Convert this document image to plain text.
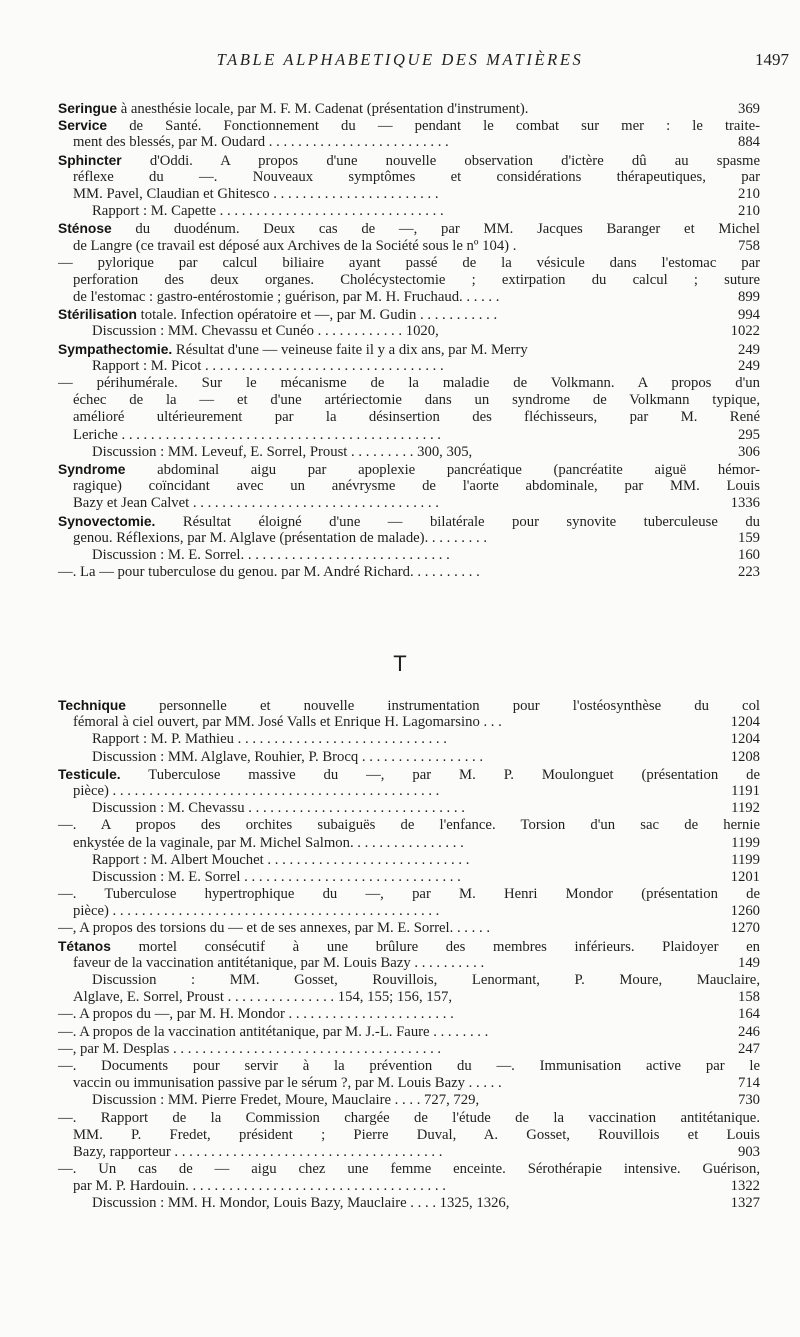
TABLE ALPHABETIQUE DES MATIÈRES	1497
Seringue à anesthésie locale, par M. F. M. Cadenat (présentation d'instrument).	369
Service de Santé. Fonctionnement du — pendant le combat sur mer : le traite-
ment des blessés, par M. Oudard . . . . . . . . . . . . . . . . . . . . . . . . .	884
Sphincter d'Oddi. A propos d'une nouvelle observation d'ictère dû au spasme
réflexe du —. Nouveaux symptômes et considérations thérapeutiques, par
MM. Pavel, Claudian et Ghitesco . . . . . . . . . . . . . . . . . . . . . . .	210
Rapport : M. Capette . . . . . . . . . . . . . . . . . . . . . . . . . . . . . . .	210
Sténose du duodénum. Deux cas de —, par MM. Jacques Baranger et Michel
de Langre (ce travail est déposé aux Archives de la Société sous le nº 104) .	758
— pylorique par calcul biliaire ayant passé de la vésicule dans l'estomac par
perforation des deux organes. Cholécystectomie ; extirpation du calcul ; suture
de l'estomac : gastro-entérostomie ; guérison, par M. H. Fruchaud. . . . . .	899
Stérilisation totale. Infection opératoire et —, par M. Gudin . . . . . . . . . . .	994
Discussion : MM. Chevassu et Cunéo . . . . . . . . . . . . 1020,	1022
Sympathectomie. Résultat d'une — veineuse faite il y a dix ans, par M. Merry	249
Rapport : M. Picot . . . . . . . . . . . . . . . . . . . . . . . . . . . . . . . . .	249
— périhumérale. Sur le mécanisme de la maladie de Volkmann. A propos d'un
échec de la — et d'une artériectomie dans un syndrome de Volkmann typique,
amélioré ultérieurement par la désinsertion des fléchisseurs, par M. René
Leriche . . . . . . . . . . . . . . . . . . . . . . . . . . . . . . . . . . . . . . . . . . . .	295
Discussion : MM. Leveuf, E. Sorrel, Proust . . . . . . . . . 300, 305,	306
Syndrome abdominal aigu par apoplexie pancréatique (pancréatite aiguë hémor-
ragique) coïncidant avec un anévrysme de l'aorte abdominale, par MM. Louis
Bazy et Jean Calvet . . . . . . . . . . . . . . . . . . . . . . . . . . . . . . . . . .	1336
Synovectomie. Résultat éloigné d'une — bilatérale pour synovite tuberculeuse du
genou. Réflexions, par M. Alglave (présentation de malade). . . . . . . . .	159
Discussion : M. E. Sorrel. . . . . . . . . . . . . . . . . . . . . . . . . . . . .	160
—. La — pour tuberculose du genou. par M. André Richard. . . . . . . . . .	223
T
Technique personnelle et nouvelle instrumentation pour l'ostéosynthèse du col
fémoral à ciel ouvert, par MM. José Valls et Enrique H. Lagomarsino . . .	1204
Rapport : M. P. Mathieu . . . . . . . . . . . . . . . . . . . . . . . . . . . . .	1204
Discussion : MM. Alglave, Rouhier, P. Brocq . . . . . . . . . . . . . . . . .	1208
Testicule. Tuberculose massive du —, par M. P. Moulonguet (présentation de
pièce) . . . . . . . . . . . . . . . . . . . . . . . . . . . . . . . . . . . . . . . . . . . . .	1191
Discussion : M. Chevassu . . . . . . . . . . . . . . . . . . . . . . . . . . . . . .	1192
—. A propos des orchites subaiguës de l'enfance. Torsion d'un sac de hernie
enkystée de la vaginale, par M. Michel Salmon. . . . . . . . . . . . . . . .	1199
Rapport : M. Albert Mouchet . . . . . . . . . . . . . . . . . . . . . . . . . . . .	1199
Discussion : M. E. Sorrel . . . . . . . . . . . . . . . . . . . . . . . . . . . . . .	1201
—. Tuberculose hypertrophique du —, par M. Henri Mondor (présentation de
pièce) . . . . . . . . . . . . . . . . . . . . . . . . . . . . . . . . . . . . . . . . . . . . .	1260
—, A propos des torsions du — et de ses annexes, par M. E. Sorrel. . . . . .	1270
Tétanos mortel consécutif à une brûlure des membres inférieurs. Plaidoyer en
faveur de la vaccination antitétanique, par M. Louis Bazy . . . . . . . . . .	149
Discussion : MM. Gosset, Rouvillois, Lenormant, P. Moure, Mauclaire,
Alglave, E. Sorrel, Proust . . . . . . . . . . . . . . . 154, 155; 156, 157,	158
—. A propos du —, par M. H. Mondor . . . . . . . . . . . . . . . . . . . . . . .	164
—. A propos de la vaccination antitétanique, par M. J.-L. Faure . . . . . . . .	246
—, par M. Desplas . . . . . . . . . . . . . . . . . . . . . . . . . . . . . . . . . . . . .	247
—. Documents pour servir à la prévention du —. Immunisation active par le
vaccin ou immunisation passive par le sérum ?, par M. Louis Bazy . . . . .	714
Discussion : MM. Pierre Fredet, Moure, Mauclaire . . . . 727, 729,	730
—. Rapport de la Commission chargée de l'étude de la vaccination antitétanique.
MM. P. Fredet, président ; Pierre Duval, A. Gosset, Rouvillois et Louis
Bazy, rapporteur . . . . . . . . . . . . . . . . . . . . . . . . . . . . . . . . . . . . .	903
—. Un cas de — aigu chez une femme enceinte. Sérothérapie intensive. Guérison,
par M. P. Hardouin. . . . . . . . . . . . . . . . . . . . . . . . . . . . . . . . . . . .	1322
Discussion : MM. H. Mondor, Louis Bazy, Mauclaire . . . . 1325, 1326,	1327
